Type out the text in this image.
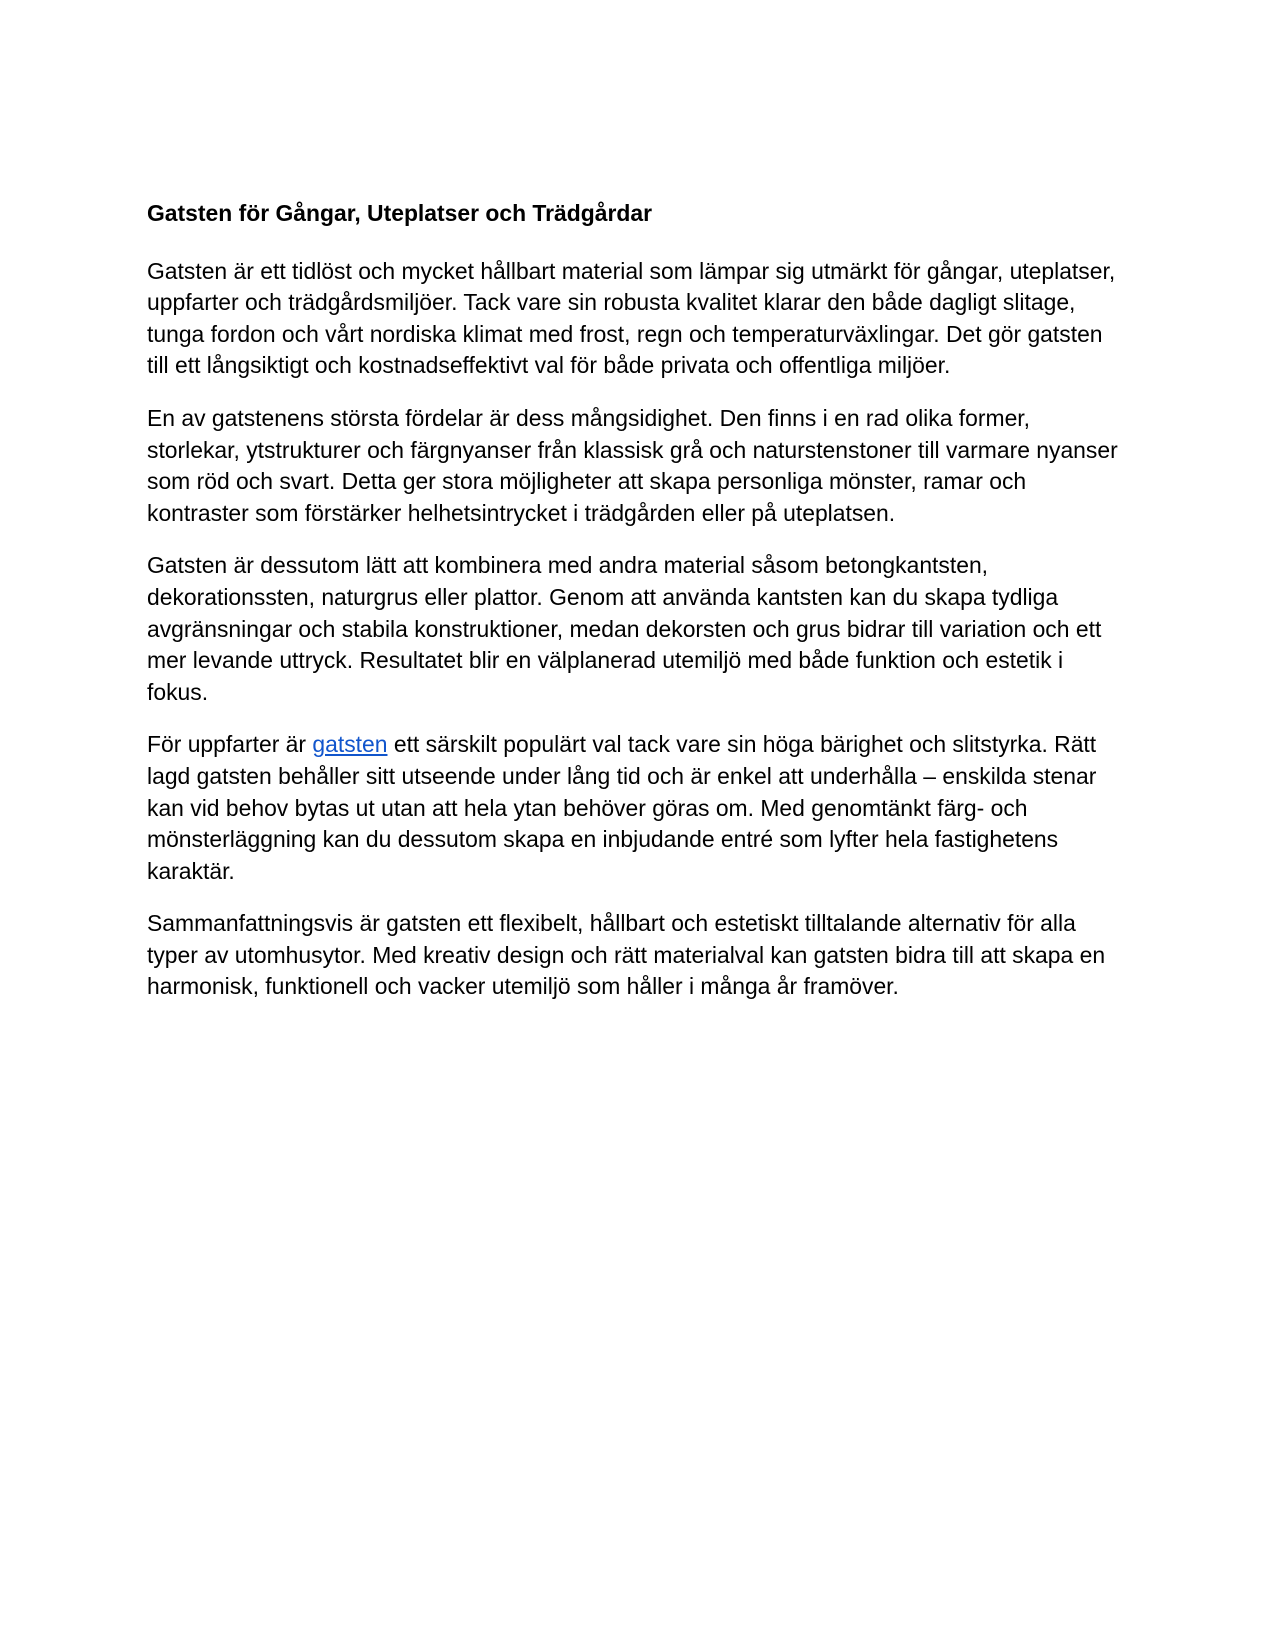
Gatsten för Gångar, Uteplatser och Trädgårdar

Gatsten är ett tidlöst och mycket hållbart material som lämpar sig utmärkt för gångar, uteplatser, uppfarter och trädgårdsmiljöer. Tack vare sin robusta kvalitet klarar den både dagligt slitage, tunga fordon och vårt nordiska klimat med frost, regn och temperaturväxlingar. Det gör gatsten till ett långsiktigt och kostnadseffektivt val för både privata och offentliga miljöer.

En av gatstenens största fördelar är dess mångsidighet. Den finns i en rad olika former, storlekar, ytstrukturer och färgnyanser från klassisk grå och naturstenstoner till varmare nyanser som röd och svart. Detta ger stora möjligheter att skapa personliga mönster, ramar och kontraster som förstärker helhetsintrycket i trädgården eller på uteplatsen.

Gatsten är dessutom lätt att kombinera med andra material såsom betongkantsten, dekorationssten, naturgrus eller plattor. Genom att använda kantsten kan du skapa tydliga avgränsningar och stabila konstruktioner, medan dekorsten och grus bidrar till variation och ett mer levande uttryck. Resultatet blir en välplanerad utemiljö med både funktion och estetik i fokus.

För uppfarter är gatsten ett särskilt populärt val tack vare sin höga bärighet och slitstyrka. Rätt lagd gatsten behåller sitt utseende under lång tid och är enkel att underhålla – enskilda stenar kan vid behov bytas ut utan att hela ytan behöver göras om. Med genomtänkt färg- och mönsterläggning kan du dessutom skapa en inbjudande entré som lyfter hela fastighetens karaktär.

Sammanfattningsvis är gatsten ett flexibelt, hållbart och estetiskt tilltalande alternativ för alla typer av utomhusytor. Med kreativ design och rätt materialval kan gatsten bidra till att skapa en harmonisk, funktionell och vacker utemiljö som håller i många år framöver.
